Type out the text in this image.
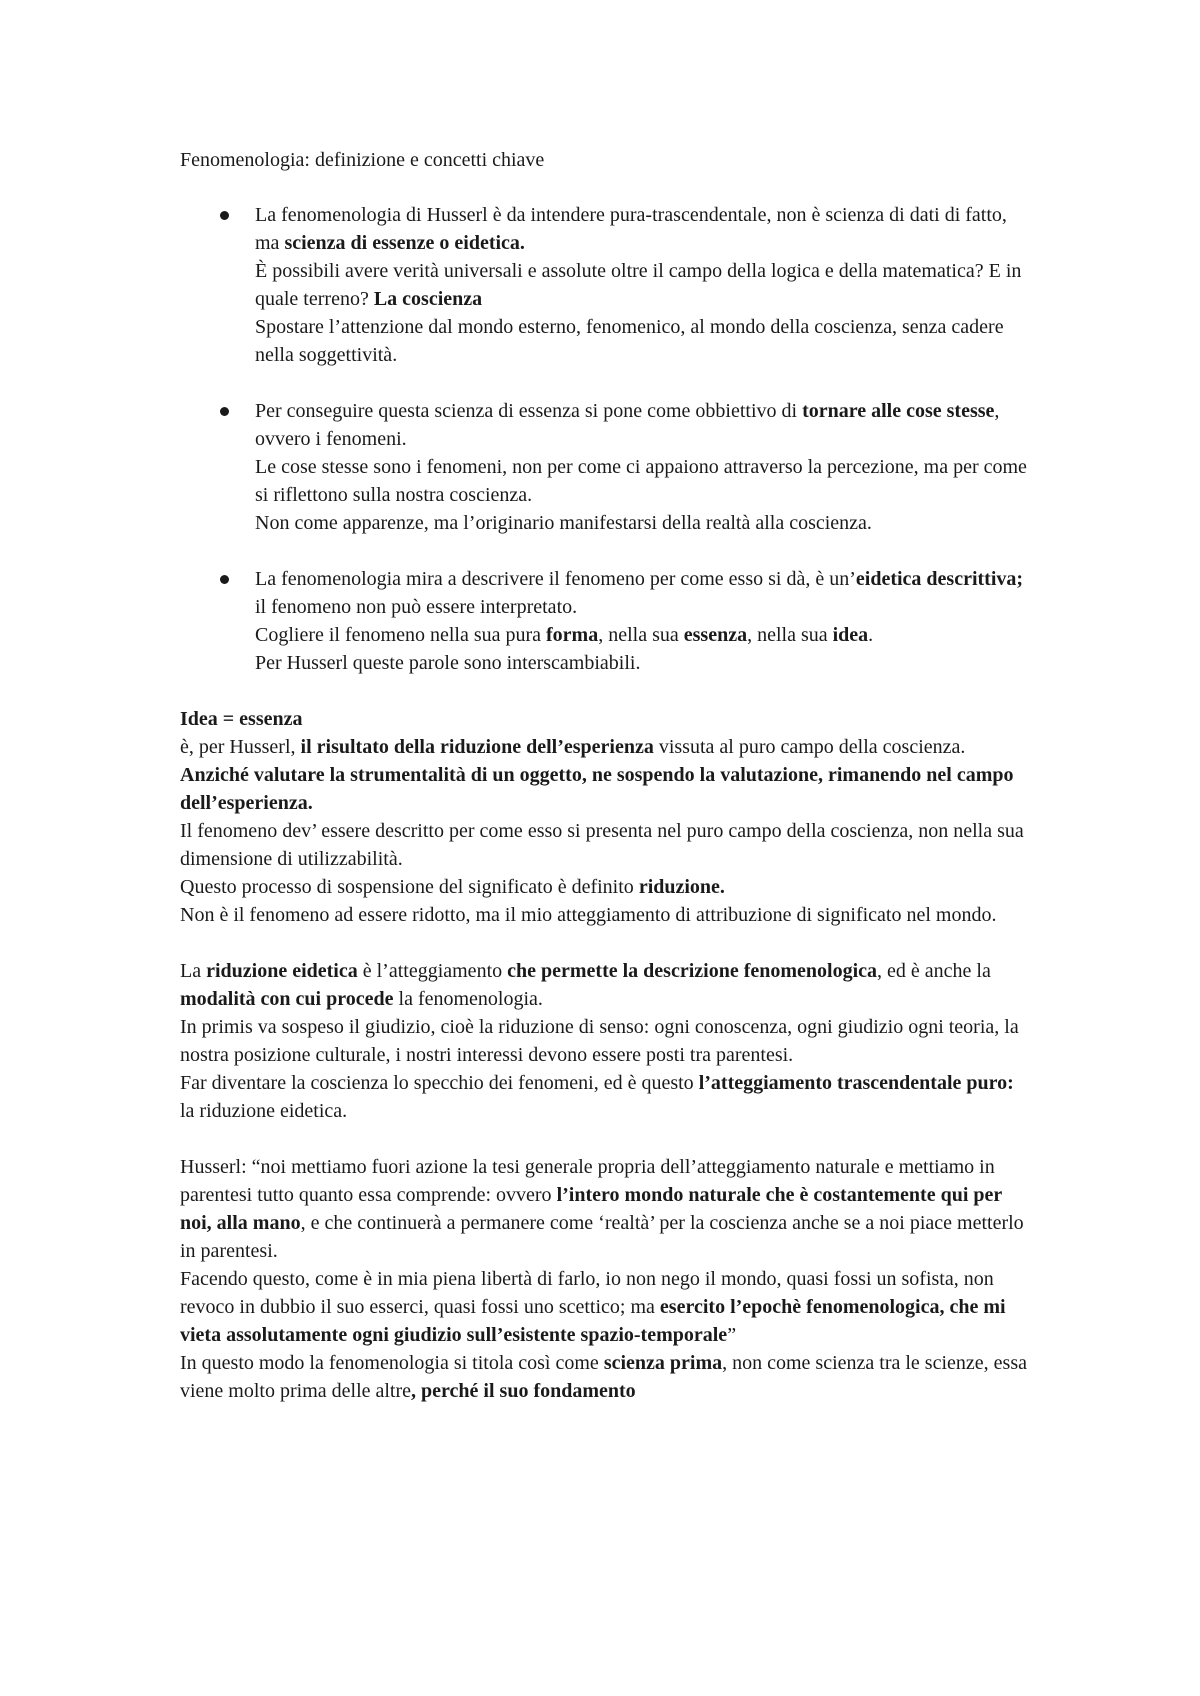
Fenomenologia: definizione e concetti chiave

La fenomenologia di Husserl è da intendere pura-trascendentale, non è scienza di dati di fatto, ma scienza di essenze o eidetica.
È possibili avere verità universali e assolute oltre il campo della logica e della matematica? E in quale terreno? La coscienza
Spostare l’attenzione dal mondo esterno, fenomenico, al mondo della coscienza, senza cadere nella soggettività.
Per conseguire questa scienza di essenza si pone come obbiettivo di tornare alle cose stesse, ovvero i fenomeni.
Le cose stesse sono i fenomeni, non per come ci appaiono attraverso la percezione, ma per come si riflettono sulla nostra coscienza.
Non come apparenze, ma l’originario manifestarsi della realtà alla coscienza.
La fenomenologia mira a descrivere il fenomeno per come esso si dà, è un’eidetica descrittiva; il fenomeno non può essere interpretato.
Cogliere il fenomeno nella sua pura forma, nella sua essenza, nella sua idea.
Per Husserl queste parole sono interscambiabili.
Idea = essenza
è, per Husserl, il risultato della riduzione dell’esperienza vissuta al puro campo della coscienza.
Anziché valutare la strumentalità di un oggetto, ne sospendo la valutazione, rimanendo nel campo dell’esperienza.
Il fenomeno dev’ essere descritto per come esso si presenta nel puro campo della coscienza, non nella sua dimensione di utilizzabilità.
Questo processo di sospensione del significato è definito riduzione.
Non è il fenomeno ad essere ridotto, ma il mio atteggiamento di attribuzione di significato nel mondo.
La riduzione eidetica è l’atteggiamento che permette la descrizione fenomenologica, ed è anche la modalità con cui procede la fenomenologia.
In primis va sospeso il giudizio, cioè la riduzione di senso: ogni conoscenza, ogni giudizio ogni teoria, la nostra posizione culturale, i nostri interessi devono essere posti tra parentesi.
Far diventare la coscienza lo specchio dei fenomeni, ed è questo l’atteggiamento trascendentale puro: la riduzione eidetica.
Husserl: “noi mettiamo fuori azione la tesi generale propria dell’atteggiamento naturale e mettiamo in parentesi tutto quanto essa comprende: ovvero l’intero mondo naturale che è costantemente qui per noi, alla mano, e che continuerà a permanere come ‘realtà’ per la coscienza anche se a noi piace metterlo in parentesi.
Facendo questo, come è in mia piena libertà di farlo, io non nego il mondo, quasi fossi un sofista, non revoco in dubbio il suo esserci, quasi fossi uno scettico; ma esercito l’epochè fenomenologica, che mi vieta assolutamente ogni giudizio sull’esistente spazio-temporale”
In questo modo la fenomenologia si titola così come scienza prima, non come scienza tra le scienze, essa viene molto prima delle altre, perché il suo fondamento
